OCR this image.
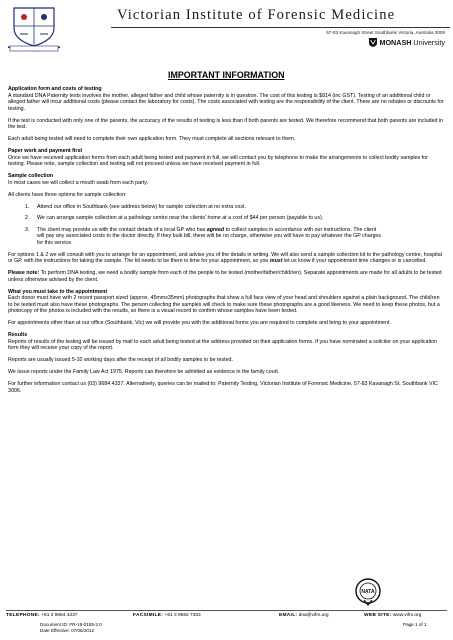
Victorian Institute of Forensic Medicine
57-83 Kavanagh Street Southbank Victoria, Australia 3006
MONASH University
IMPORTANT INFORMATION
Application form and costs of testing

A standard DNA Paternity tests involves the mother, alleged father and child whose paternity is in question. The cost of this testing is $814 (inc GST). Testing of an additional child or alleged father will incur additional costs (please contact the laboratory for costs). The costs associated with testing are the responsibility of the client. There are no rebates or discounts for testing.

If the test is conducted with only one of the parents, the accuracy of the results of testing is less than if both parents are tested. We therefore recommend that both parents are included in the test.

Each adult being tested will need to complete their own application form. They must complete all sections relevant to them.

Paper work and payment first

Once we have received application forms from each adult being tested and payment in full, we will contact you by telephone to make the arrangements to collect bodily samples for testing. Please note, sample collection and testing will not proceed unless we have received payment in full.

Sample collection

In most cases we will collect a mouth swab from each party.

All clients have three options for sample collection:

1.	Attend our office in Southbank (see address below) for sample collection at no extra cost.
2.	We can arrange sample collection at a pathology centre near the clients' home at a cost of $44 per person (payable to us).
3.	The client may provide us with the contact details of a local GP who has agreed to collect samples in accordance with our instructions. The client will pay any associated costs to the doctor directly. If they bulk bill, there will be no charge, otherwise you will have to pay whatever the GP charges for this service.

For options 1 & 2 we will consult with you to arrange for an appointment, and advise you of the details in writing. We will also send a sample collection kit to the pathology centre, hospital or GP, with the instructions for taking the sample. The kit needs to be there in time for your appointment, so you must let us know if your appointment time changes or is cancelled.

Please note: To perform DNA testing, we need a bodily sample from each of the people to be tested (mother/father/child/ren). Separate appointments are made for all adults to be tested unless otherwise advised by the client.

What you must take to the appointment

Each donor must have with 2 recent passport sized (approx. 45mmx35mm) photographs that show a full face view of your head and shoulders against a plain background. The child/ren to be tested must also have these photographs. The person collecting the samples will check to make sure these photographs are a good likeness. We need to keep these photos, but a photocopy of the photos is included with the results, so there is a visual record to confirm whose samples have been tested.

For appointments other than at our office (Southbank, Vic) we will provide you with the additional forms you are required to complete and bring to your appointment.

Results

Reports of results of the testing will be issued by mail to each adult being tested at the address provided on their application forms. If you have nominated a solicitor on your application form they will receive your copy of the report.

Reports are usually issued 5-10 working days after the receipt of all bodily samples to be tested.

We issue reports under the Family Law Act 1975. Reports can therefore be admitted as evidence in the family court.

For further information contact us (03) 9684 4337. Alternatively, queries can be mailed to: Paternity Testing, Victorian Institute of Forensic Medicine, 57-83 Kavanagh St, Southbank VIC 3006.

NATA
TELEPHONE: +61 3 9684 4337	FACSIMILE: +61 3 9682 7353	EMAIL: dna@vifm.org	WEB SITE: www.vifm.org
Document ID: FR-15-0155-2.0
Date Effective: 07/05/2012
Page 1 of 1
